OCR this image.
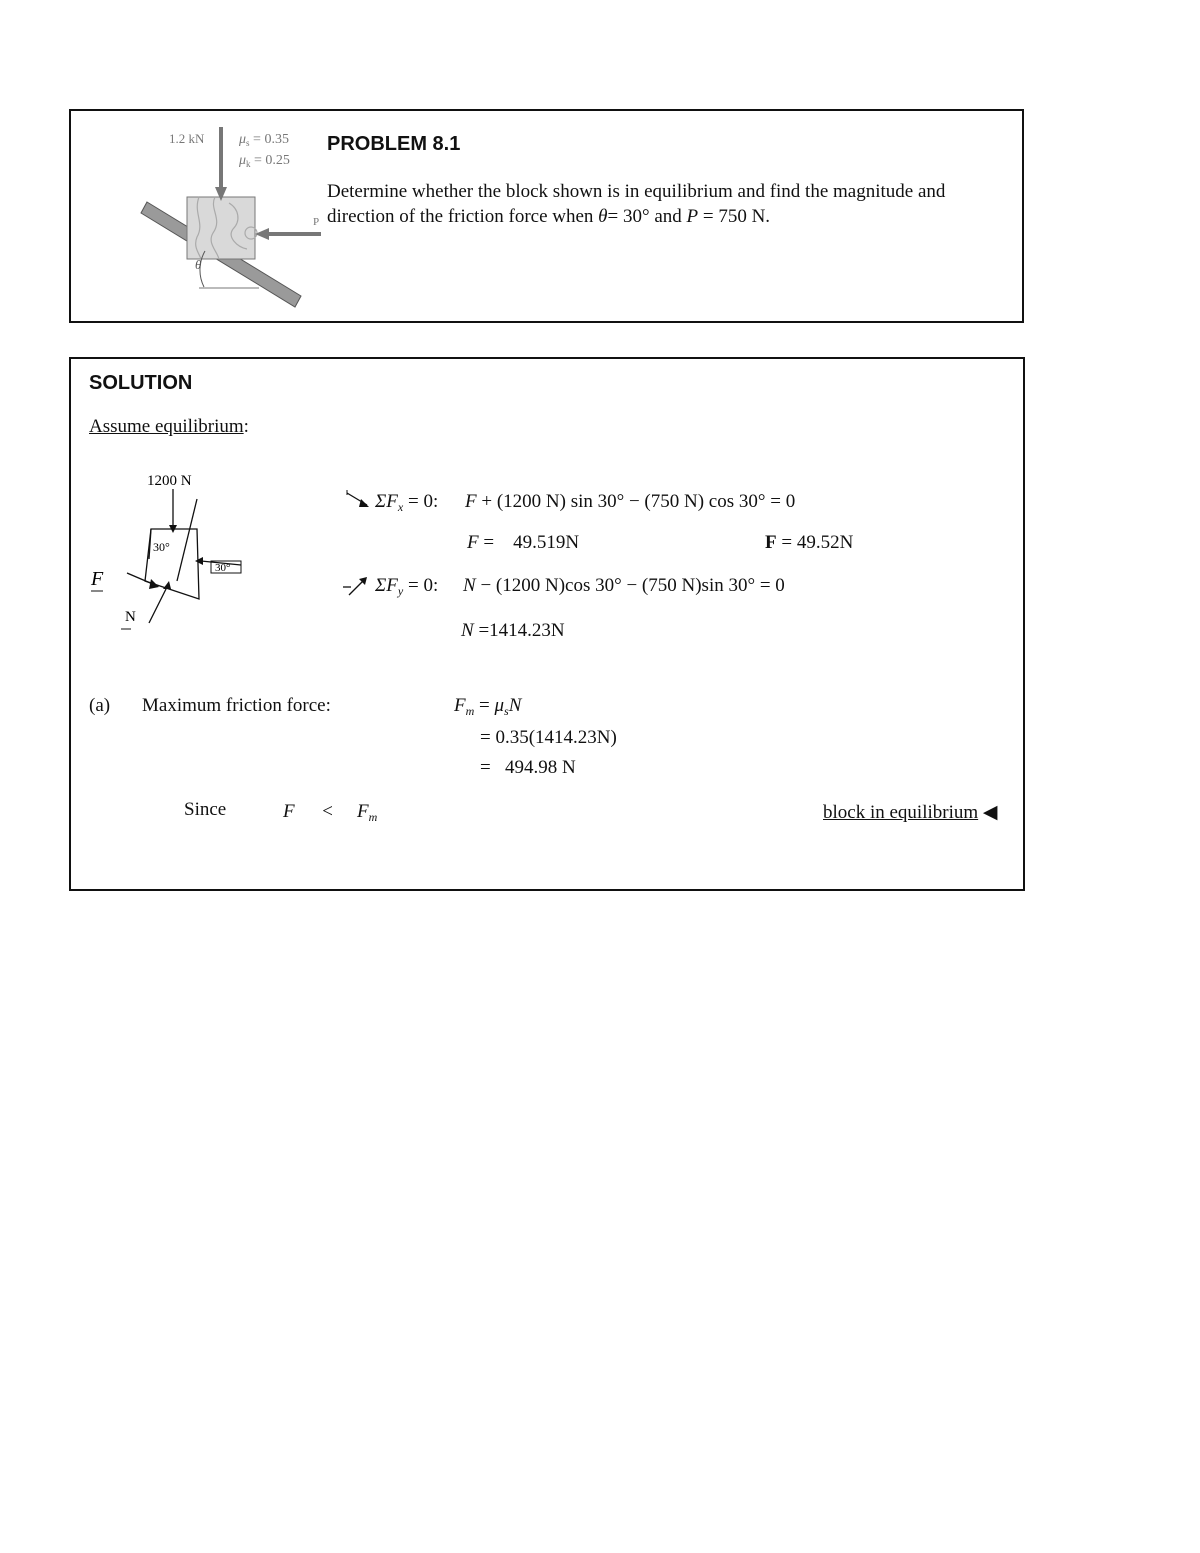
1.2 kN $\mu_s = 0.35$
$\mu_k = 0.25$
P
θ
PROBLEM 8.1
Determine whether the block shown is in equilibrium and find the magnitude and
direction of the friction force when θ= 30° and P = 750 N.
SOLUTION
Assume equilibrium:
1200 N
30°
30°
F
N
$\Sigma F_x = 0$: F + (1200 N) sin 30° − (750 N) cos 30° = 0
F =    49.519N	F = 49.52N
$\Sigma F_y = 0$: N − (1200 N)cos 30° − (750 N)sin 30° = 0
N =1414.23N
(a) Maximum friction force:	$F_m = \mu_sN$
= 0.35(1414.23N)
=   494.98 N
Since	$F < F_m$	block in equilibrium ◀
